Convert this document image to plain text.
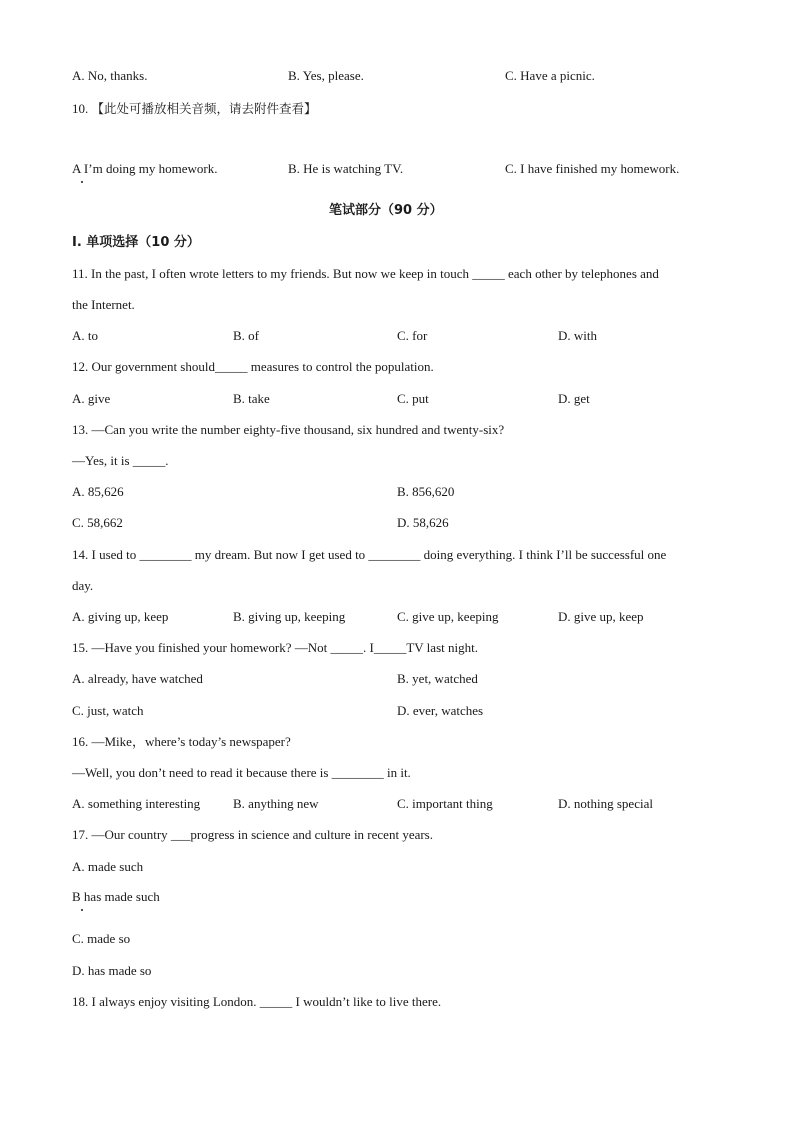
A. No, thanks.	B. Yes, please.	C. Have a picnic.
10. 【此处可播放相关音频，请去附件查看】
A I’m doing my homework.	B. He is watching TV.	C. I have finished my homework.
笔试部分（90 分）
I. 单项选择（10 分）
11. In the past, I often wrote letters to my friends. But now we keep in touch _____ each other by telephones and
the Internet.
A. to	B. of	C. for	D. with
12. Our government should_____ measures to control the population.
A. give	B. take	C. put	D. get
13. —Can you write the number eighty-five thousand, six hundred and twenty-six?
—Yes, it is _____.
A. 85,626	B. 856,620
C. 58,662	D. 58,626
14. I used to ________ my dream. But now I get used to ________ doing everything. I think I’ll be successful one
day.
A. giving up, keep	B. giving up, keeping	C. give up, keeping	D. give up, keep
15. —Have you finished your homework? —Not _____. I_____TV last night.
A. already, have watched	B. yet, watched
C. just, watch	D. ever, watches
16. —Mike，where’s today’s newspaper?
—Well, you don’t need to read it because there is ________ in it.
A. something interesting	B. anything new	C. important thing	D. nothing special
17. —Our country ___progress in science and culture in recent years.
A. made such
B has made such
C. made so
D. has made so
18. I always enjoy visiting London. _____ I wouldn’t like to live there.
